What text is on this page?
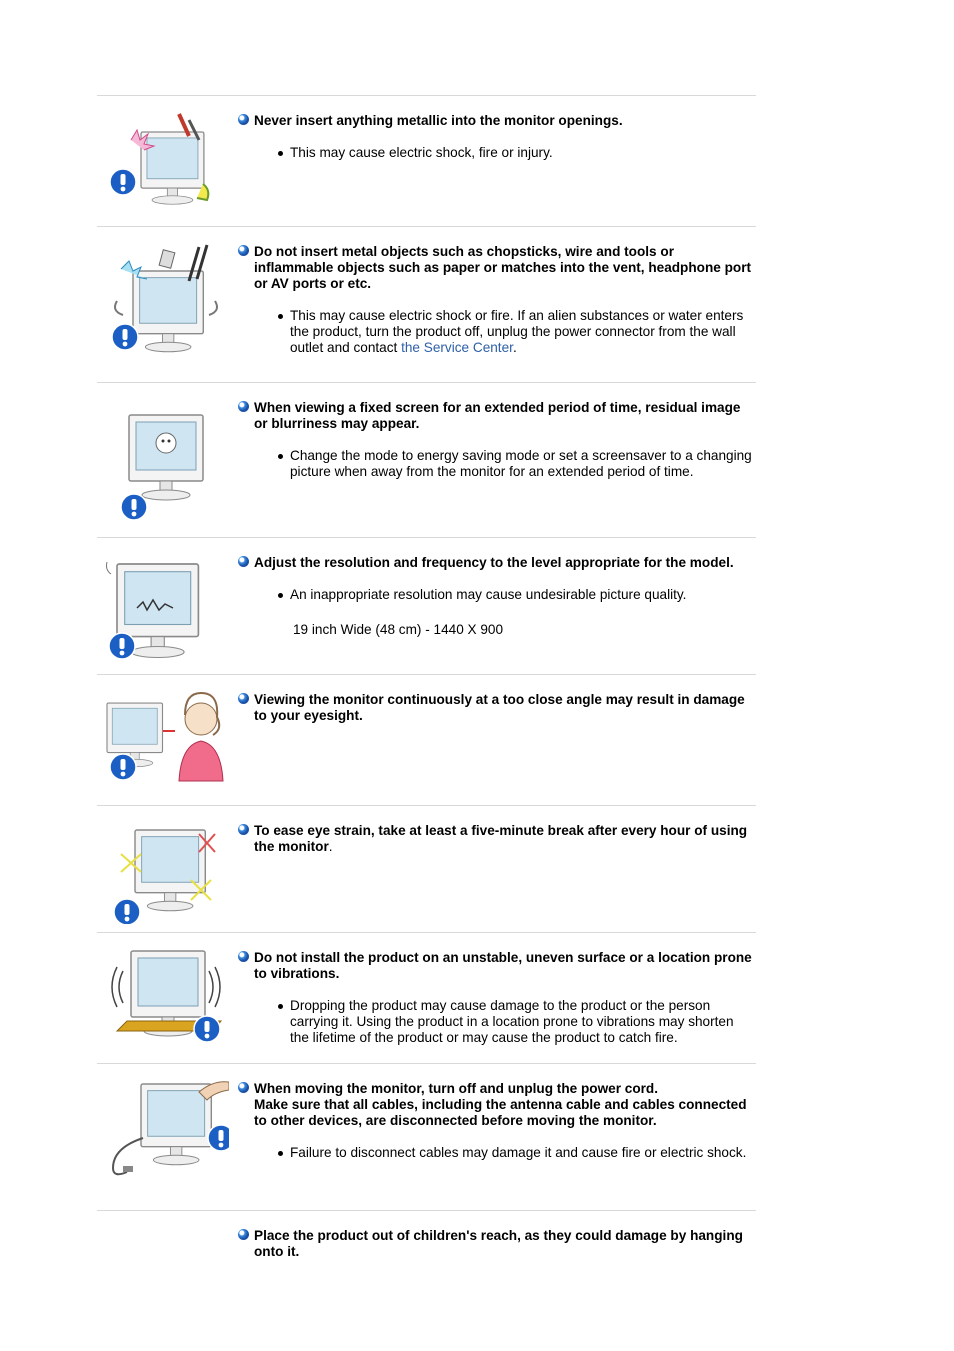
Never insert anything metallic into the monitor openings.
This may cause electric shock, fire or injury.
Do not insert metal objects such as chopsticks, wire and tools or inflammable objects such as paper or matches into the vent, headphone port or AV ports or etc.
This may cause electric shock or fire. If an alien substances or water enters the product, turn the product off, unplug the power connector from the wall outlet and contact the Service Center.
When viewing a fixed screen for an extended period of time, residual image or blurriness may appear.
Change the mode to energy saving mode or set a screensaver to a changing picture when away from the monitor for an extended period of time.
Adjust the resolution and frequency to the level appropriate for the model.
An inappropriate resolution may cause undesirable picture quality.
19 inch Wide (48 cm) - 1440 X 900
Viewing the monitor continuously at a too close angle may result in damage to your eyesight.
To ease eye strain, take at least a five-minute break after every hour of using the monitor.
Do not install the product on an unstable, uneven surface or a location prone to vibrations.
Dropping the product may cause damage to the product or the person carrying it. Using the product in a location prone to vibrations may shorten the lifetime of the product or may cause the product to catch fire.
When moving the monitor, turn off and unplug the power cord.
Make sure that all cables, including the antenna cable and cables connected to other devices, are disconnected before moving the monitor.
Failure to disconnect cables may damage it and cause fire or electric shock.
Place the product out of children's reach, as they could damage by hanging onto it.
